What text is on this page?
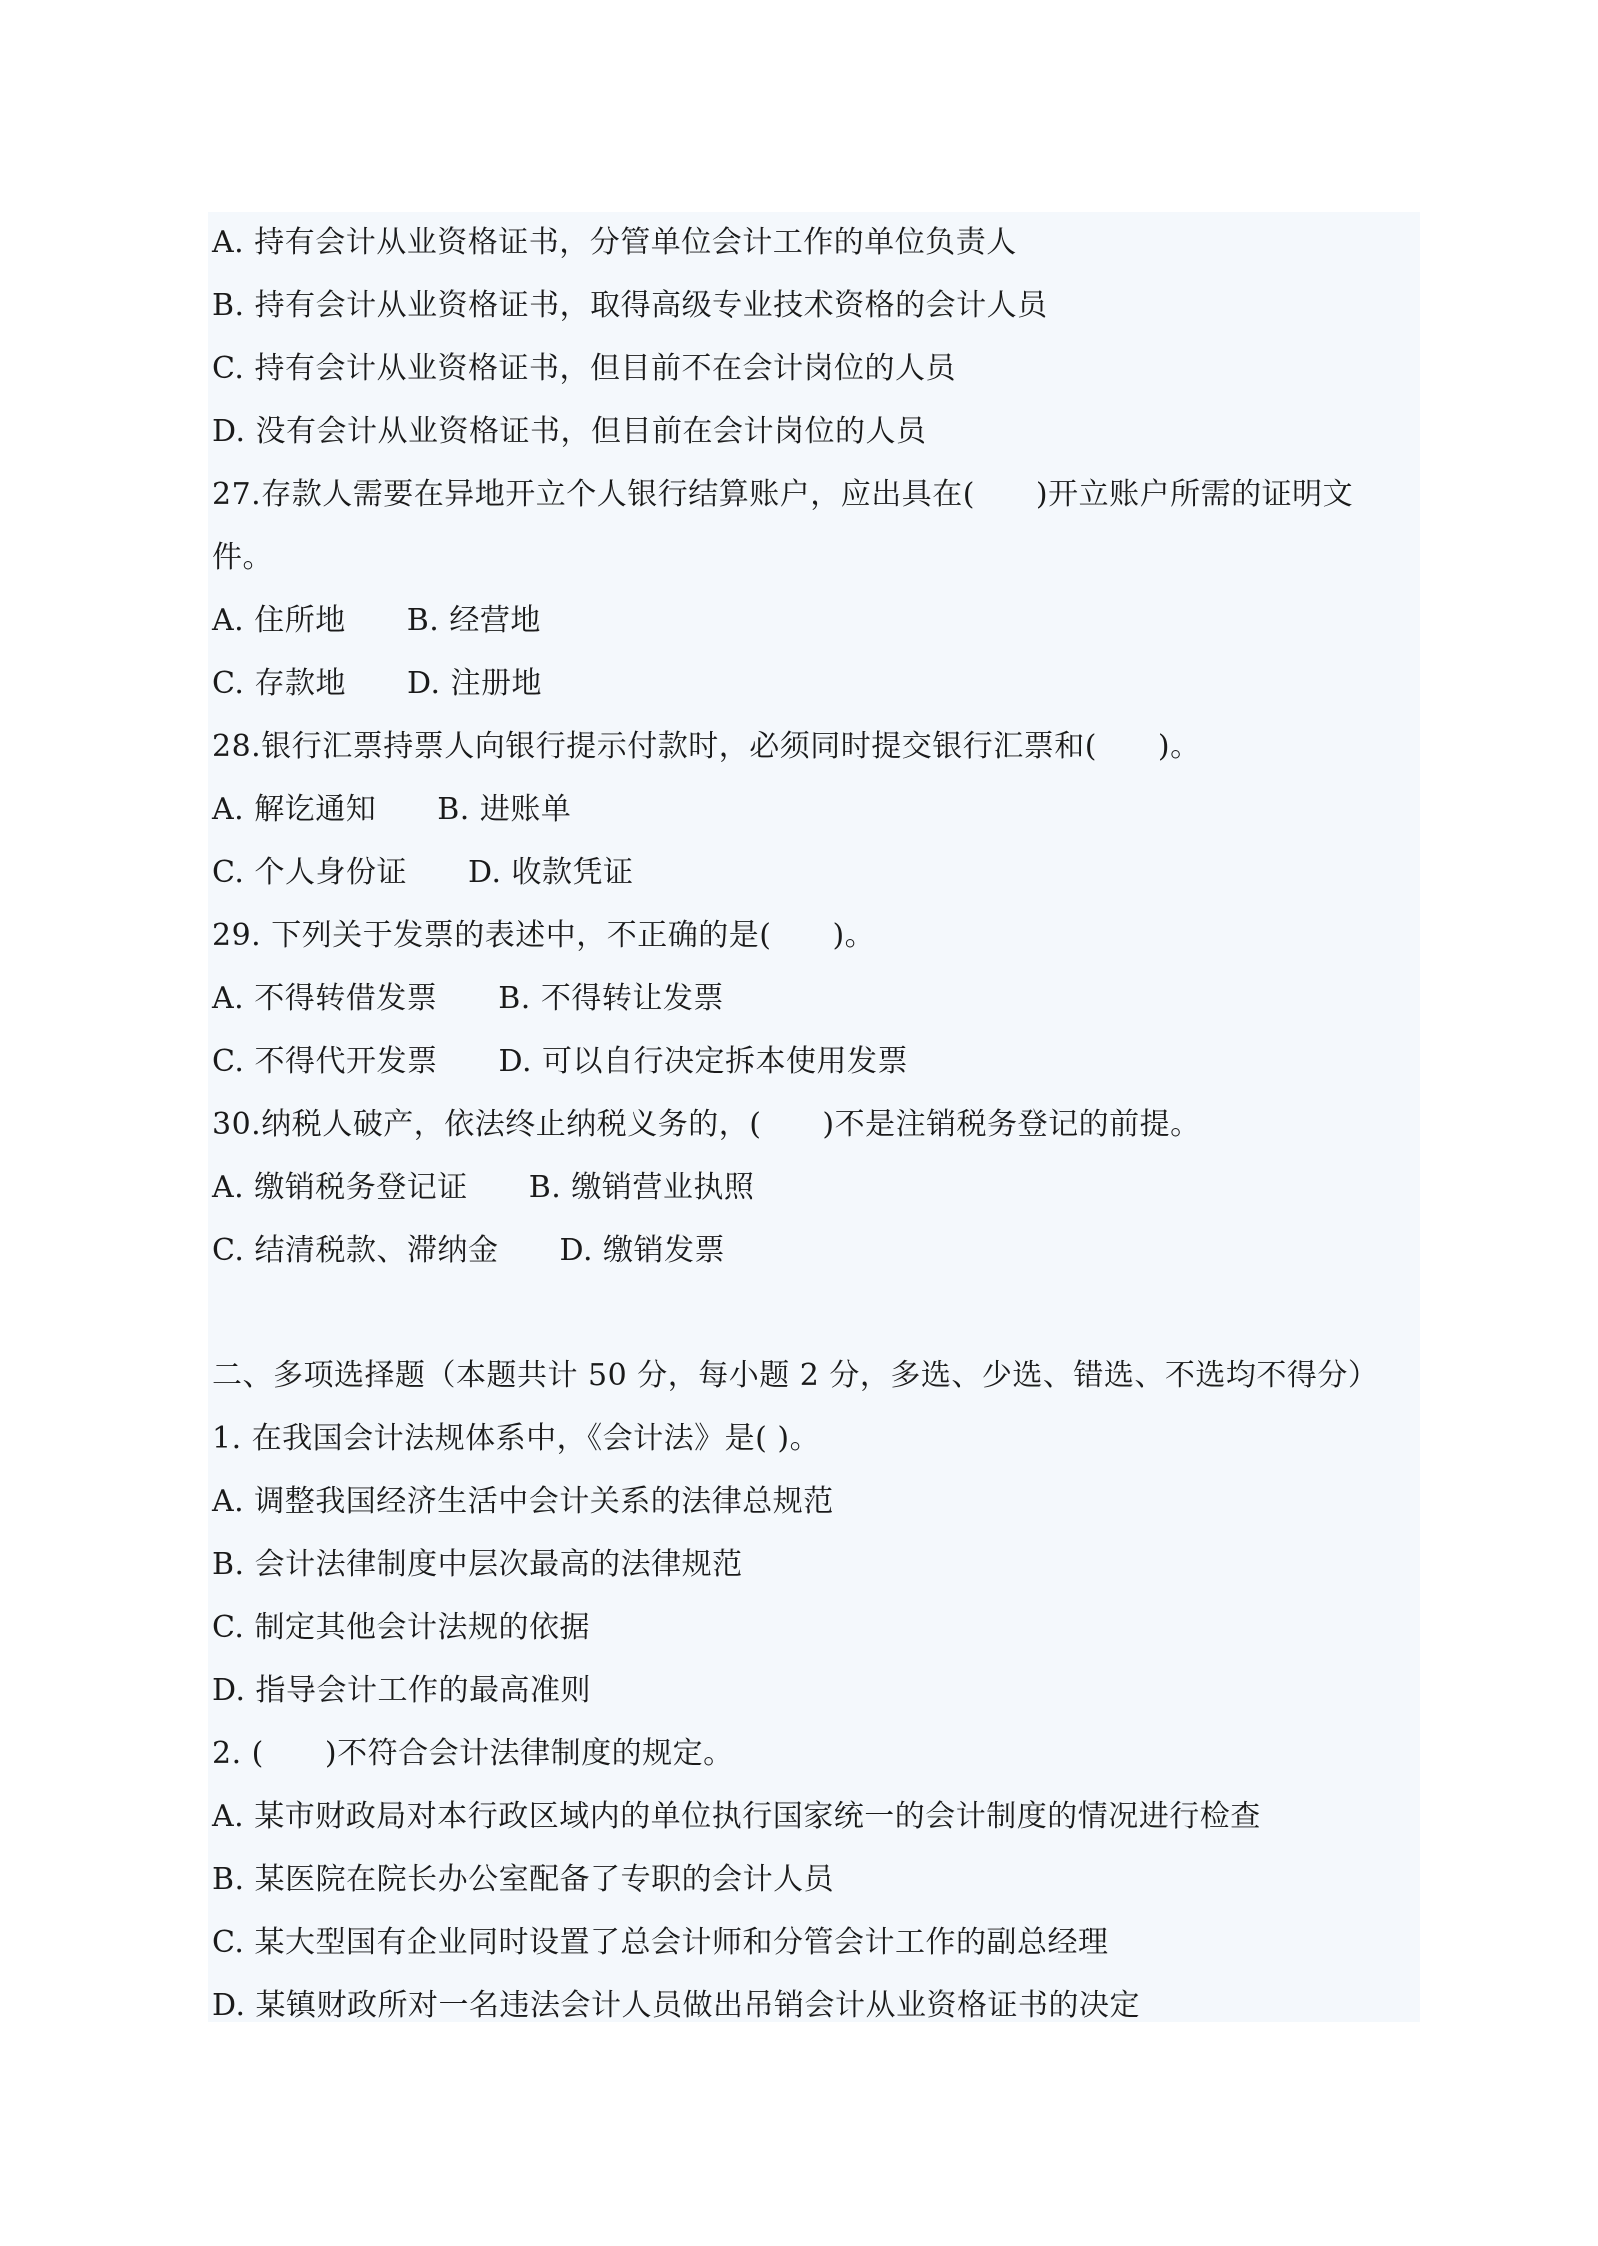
A. 持有会计从业资格证书，分管单位会计工作的单位负责人
B. 持有会计从业资格证书，取得高级专业技术资格的会计人员
C. 持有会计从业资格证书，但目前不在会计岗位的人员
D. 没有会计从业资格证书，但目前在会计岗位的人员
27.存款人需要在异地开立个人银行结算账户，应出具在(　　)开立账户所需的证明文
件。
A. 住所地　　B. 经营地
C. 存款地　　D. 注册地
28.银行汇票持票人向银行提示付款时，必须同时提交银行汇票和(　　)。
A. 解讫通知　　B. 进账单
C. 个人身份证　　D. 收款凭证
29. 下列关于发票的表述中，不正确的是(　　)。
A. 不得转借发票　　B. 不得转让发票
C. 不得代开发票　　D. 可以自行决定拆本使用发票
30.纳税人破产，依法终止纳税义务的，(　　)不是注销税务登记的前提。
A. 缴销税务登记证　　B. 缴销营业执照
C. 结清税款、滞纳金　　D. 缴销发票
二、多项选择题（本题共计 50 分，每小题 2 分，多选、少选、错选、不选均不得分）
1. 在我国会计法规体系中，《会计法》是( )。
A. 调整我国经济生活中会计关系的法律总规范
B. 会计法律制度中层次最高的法律规范
C. 制定其他会计法规的依据
D. 指导会计工作的最高准则
2. (　　)不符合会计法律制度的规定。
A. 某市财政局对本行政区域内的单位执行国家统一的会计制度的情况进行检查
B. 某医院在院长办公室配备了专职的会计人员
C. 某大型国有企业同时设置了总会计师和分管会计工作的副总经理
D. 某镇财政所对一名违法会计人员做出吊销会计从业资格证书的决定
